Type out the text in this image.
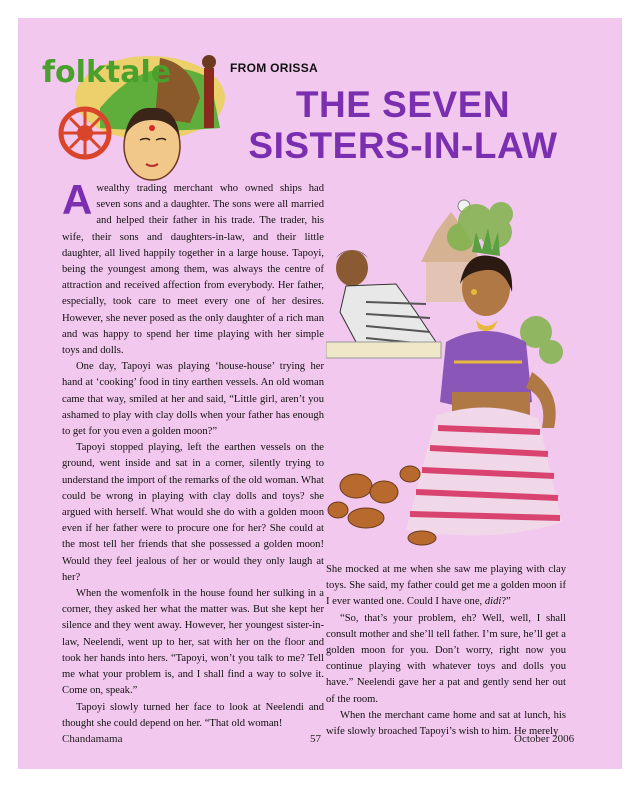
folktale	FROM ORISSA
THE SEVEN
SISTERS-IN-LAW

Awealthy trading merchant who owned ships had seven sons and a daughter. The sons were all married and helped their father in his trade. The trader, his wife, their sons and daughters-in-law, and their little daughter, all lived happily together in a large house. Tapoyi, being the youngest among them, was always the centre of attraction and received affection from everybody. Her father, especially, took care to meet every one of her desires. However, she never posed as the only daughter of a rich man and was happy to spend her time playing with her simple toys and dolls.

One day, Tapoyi was playing ‘house-house’ trying her hand at ‘cooking’ food in tiny earthen vessels. An old woman came that way, smiled at her and said, “Little girl, aren’t you ashamed to play with clay dolls when your father has enough to get for you even a golden moon?”

Tapoyi stopped playing, left the earthen vessels on the ground, went inside and sat in a corner, silently trying to understand the import of the remarks of the old woman. What could be wrong in playing with clay dolls and toys? she argued with herself. What would she do with a golden moon even if her father were to procure one for her? She could at the most tell her friends that she possessed a golden moon! Would they feel jealous of her or would they only laugh at her?

When the womenfolk in the house found her sulking in a corner, they asked her what the matter was. But she kept her silence and they went away. However, her youngest sister-in-law, Neelendi, went up to her, sat with her on the floor and took her hands into hers. “Tapoyi, won’t you talk to me? Tell me what your problem is, and I shall find a way to solve it. Come on, speak.”

Tapoyi slowly turned her face to look at Neelendi and thought she could depend on her. “That old woman!

She mocked at me when she saw me playing with clay toys. She said, my father could get me a golden moon if I ever wanted one. Could I have one, didi?”

“So, that’s your problem, eh? Well, well, I shall consult mother and she’ll tell father. I’m sure, he’ll get a golden moon for you. Don’t worry, right now you continue playing with whatever toys and dolls you have.” Neelendi gave her a pat and gently send her out of the room.

When the merchant came home and sat at lunch, his wife slowly broached Tapoyi’s wish to him. He merely

Chandamama	57	October 2006
